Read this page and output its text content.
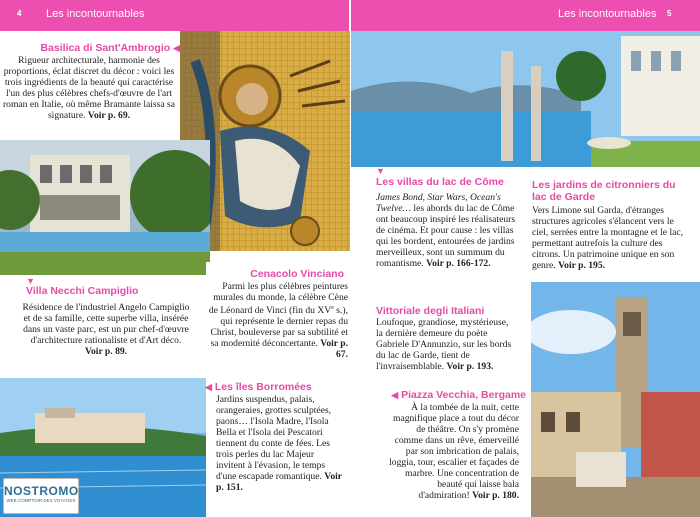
4 Les incontournables	Les incontournables 5
NOSTROMO
WEB COMPTOIR DES VOYAGES
Basilica di Sant'Ambrogio ◀
Rigueur architecturale, harmonie des proportions, éclat discret du décor : voici les trois ingrédients de la beauté qui caractérise l'un des plus célèbres chefs-d'œuvre de l'art roman en Italie, où même Bramante laissa sa signature. Voir p. 69.
▼
Villa Necchi Campiglio
Résidence de l'industriel Angelo Campiglio et de sa famille, cette superbe villa, insérée dans un vaste parc, est un pur chef-d'œuvre d'architecture rationaliste et d'Art déco. Voir p. 89.
Cenacolo Vinciano
Parmi les plus célèbres peintures murales du monde, la célèbre Cène de Léonard de Vinci (fin du XVe s.), qui représente le dernier repas du Christ, bouleverse par sa subtilité et sa modernité déconcertante. Voir p. 67.
◀ Les îles Borromées
Jardins suspendus, palais, orangeraies, grottes sculptées, paons… l'Isola Madre, l'Isola Bella et l'Isola dei Pescatori tiennent du conte de fées. Les trois perles du lac Majeur invitent à l'évasion, le temps d'une escapade romantique. Voir p. 151.
▼
Les villas du lac de Côme
James Bond, Star Wars, Ocean's Twelve… les abords du lac de Côme ont beaucoup inspiré les réalisateurs de cinéma. Et pour cause : les villas qui les bordent, entourées de jardins merveilleux, sont un summum du romantisme. Voir p. 166-172.
Vittoriale degli Italiani
Loufoque, grandiose, mystérieuse, la dernière demeure du poète Gabriele D'Annunzio, sur les bords du lac de Garde, tient de l'invraisemblable. Voir p. 193.
◀ Piazza Vecchia, Bergame
À la tombée de la nuit, cette magnifique place a tout du décor de théâtre. On s'y promène comme dans un rêve, émerveillé par son imbrication de palais, loggia, tour, escalier et façades de marbre. Une concentration de beauté qui laisse bala d'admiration! Voir p. 180.
Les jardins de citronniers du lac de Garde
Vers Limone sul Garda, d'étranges structures agricoles s'élancent vers le ciel, serrées entre la montagne et le lac, permettant autrefois la culture des citrons. Un patrimoine unique en son genre. Voir p. 195.
